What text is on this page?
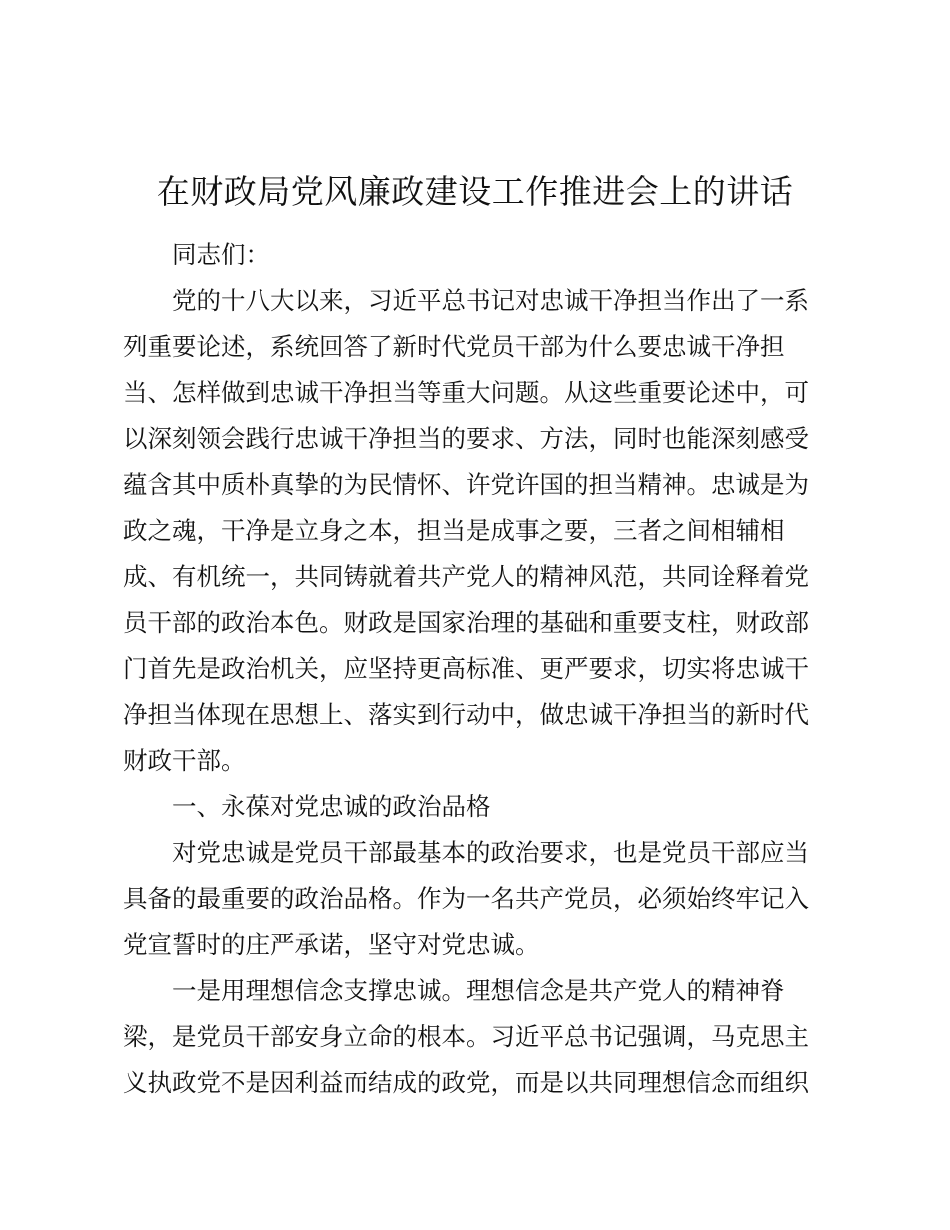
在财政局党风廉政建设工作推进会上的讲话
同志们：
党的十八大以来，习近平总书记对忠诚干净担当作出了一系
列重要论述，系统回答了新时代党员干部为什么要忠诚干净担
当、怎样做到忠诚干净担当等重大问题。从这些重要论述中，可
以深刻领会践行忠诚干净担当的要求、方法，同时也能深刻感受
蕴含其中质朴真挚的为民情怀、许党许国的担当精神。忠诚是为
政之魂，干净是立身之本，担当是成事之要，三者之间相辅相
成、有机统一，共同铸就着共产党人的精神风范，共同诠释着党
员干部的政治本色。财政是国家治理的基础和重要支柱，财政部
门首先是政治机关，应坚持更高标准、更严要求，切实将忠诚干
净担当体现在思想上、落实到行动中，做忠诚干净担当的新时代
财政干部。
一、永葆对党忠诚的政治品格
对党忠诚是党员干部最基本的政治要求，也是党员干部应当
具备的最重要的政治品格。作为一名共产党员，必须始终牢记入
党宣誓时的庄严承诺，坚守对党忠诚。
一是用理想信念支撑忠诚。理想信念是共产党人的精神脊
梁，是党员干部安身立命的根本。习近平总书记强调，马克思主
义执政党不是因利益而结成的政党，而是以共同理想信念而组织
